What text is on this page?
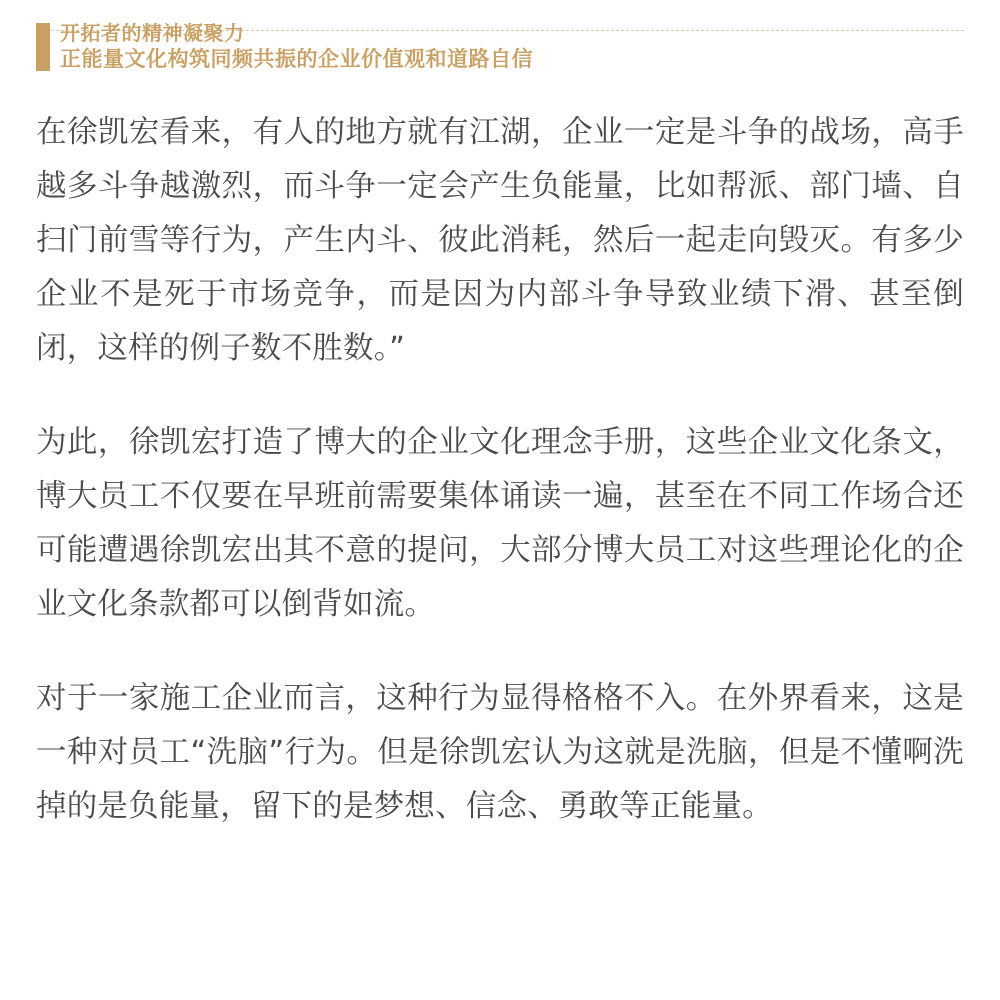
开拓者的精神凝聚力
正能量文化构筑同频共振的企业价值观和道路自信

在徐凯宏看来，有人的地方就有江湖，企业一定是斗争的战场，高手越多斗争越激烈，而斗争一定会产生负能量，比如帮派、部门墙、自扫门前雪等行为，产生内斗、彼此消耗，然后一起走向毁灭。有多少企业不是死于市场竞争，而是因为内部斗争导致业绩下滑、甚至倒闭，这样的例子数不胜数。”

为此，徐凯宏打造了博大的企业文化理念手册，这些企业文化条文，博大员工不仅要在早班前需要集体诵读一遍，甚至在不同工作场合还可能遭遇徐凯宏出其不意的提问，大部分博大员工对这些理论化的企业文化条款都可以倒背如流。

对于一家施工企业而言，这种行为显得格格不入。在外界看来，这是一种对员工“洗脑”行为。但是徐凯宏认为这就是洗脑，但是不懂啊洗掉的是负能量，留下的是梦想、信念、勇敢等正能量。
